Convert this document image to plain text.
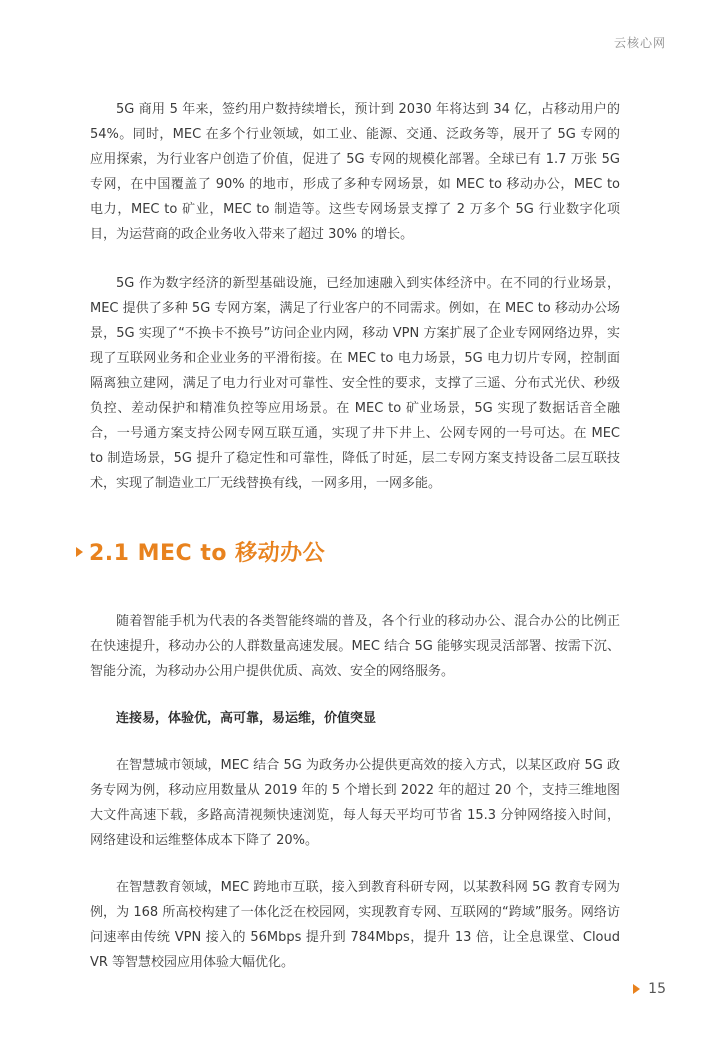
云核心网

5G 商用 5 年来，签约用户数持续增长，预计到 2030 年将达到 34 亿，占移动用户的 54%。同时，MEC 在多个行业领域，如工业、能源、交通、泛政务等，展开了 5G 专网的应用探索，为行业客户创造了价值，促进了 5G 专网的规模化部署。全球已有 1.7 万张 5G 专网，在中国覆盖了 90% 的地市，形成了多种专网场景，如 MEC to 移动办公，MEC to 电力，MEC to 矿业，MEC to 制造等。这些专网场景支撑了 2 万多个 5G 行业数字化项目，为运营商的政企业务收入带来了超过 30% 的增长。

5G 作为数字经济的新型基础设施，已经加速融入到实体经济中。在不同的行业场景，MEC 提供了多种 5G 专网方案，满足了行业客户的不同需求。例如，在 MEC to 移动办公场景，5G 实现了“不换卡不换号”访问企业内网，移动 VPN 方案扩展了企业专网网络边界，实现了互联网业务和企业业务的平滑衔接。在 MEC to 电力场景，5G 电力切片专网，控制面隔离独立建网，满足了电力行业对可靠性、安全性的要求，支撑了三遥、分布式光伏、秒级负控、差动保护和精准负控等应用场景。在 MEC to 矿业场景，5G 实现了数据话音全融合，一号通方案支持公网专网互联互通，实现了井下井上、公网专网的一号可达。在 MEC to 制造场景，5G 提升了稳定性和可靠性，降低了时延，层二专网方案支持设备二层互联技术，实现了制造业工厂无线替换有线，一网多用，一网多能。

2.1 MEC to 移动办公

随着智能手机为代表的各类智能终端的普及，各个行业的移动办公、混合办公的比例正在快速提升，移动办公的人群数量高速发展。MEC 结合 5G 能够实现灵活部署、按需下沉、智能分流，为移动办公用户提供优质、高效、安全的网络服务。

连接易，体验优，高可靠，易运维，价值突显

在智慧城市领域，MEC 结合 5G 为政务办公提供更高效的接入方式，以某区政府 5G 政务专网为例，移动应用数量从 2019 年的 5 个增长到 2022 年的超过 20 个，支持三维地图大文件高速下载，多路高清视频快速浏览，每人每天平均可节省 15.3 分钟网络接入时间，网络建设和运维整体成本下降了 20%。

在智慧教育领域，MEC 跨地市互联，接入到教育科研专网，以某教科网 5G 教育专网为例，为 168 所高校构建了一体化泛在校园网，实现教育专网、互联网的“跨域”服务。网络访问速率由传统 VPN 接入的 56Mbps 提升到 784Mbps，提升 13 倍，让全息课堂、Cloud VR 等智慧校园应用体验大幅优化。

15
